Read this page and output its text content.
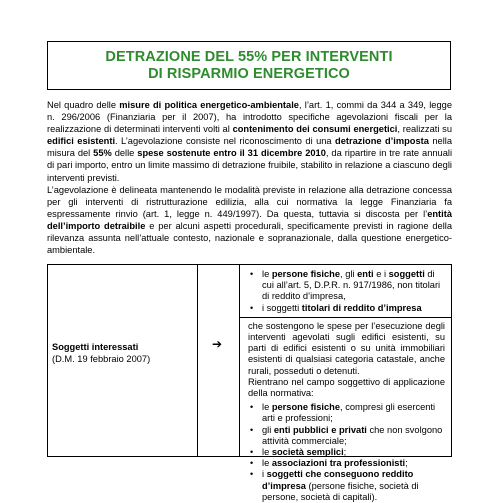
DETRAZIONE DEL 55% PER INTERVENTI
DI RISPARMIO ENERGETICO

Nel quadro delle misure di politica energetico-ambientale, l’art. 1, commi da 344 a 349, legge n. 296/2006 (Finanziaria per il 2007), ha introdotto specifiche agevolazioni fiscali per la realizzazione di determinati interventi volti al contenimento dei consumi energetici, realizzati su edifici esistenti. L’agevolazione consiste nel riconoscimento di una detrazione d’imposta nella misura del 55% delle spese sostenute entro il 31 dicembre 2010, da ripartire in tre rate annuali di pari importo, entro un limite massimo di detrazione fruibile, stabilito in relazione a ciascuno degli interventi previsti.

L’agevolazione è delineata mantenendo le modalità previste in relazione alla detrazione concessa per gli interventi di ristrutturazione edilizia, alla cui normativa la legge Finanziaria fa espressamente rinvio (art. 1, legge n. 449/1997). Da questa, tuttavia si discosta per l’entità dell’importo detraibile e per alcuni aspetti procedurali, specificamente previsti in ragione della rilevanza assunta nell’attuale contesto, nazionale e sopranazionale, dalla questione energetico-ambientale.

Soggetti interessati
(D.M. 19 febbraio 2007)
➔
• le persone fisiche, gli enti e i soggetti di cui all’art. 5, D.P.R. n. 917/1986, non titolari di reddito d’impresa,
• i soggetti titolari di reddito d’impresa

che sostengono le spese per l’esecuzione degli interventi agevolati sugli edifici esistenti, su parti di edifici esistenti o su unità immobiliari esistenti di qualsiasi categoria catastale, anche rurali, posseduti o detenuti.

Rientrano nel campo soggettivo di applicazione della normativa:

• le persone fisiche, compresi gli esercenti arti e professioni;
• gli enti pubblici e privati che non svolgono attività commerciale;
• le società semplici;
• le associazioni tra professionisti;
• i soggetti che conseguono reddito d’impresa (persone fisiche, società di persone, società di capitali).
